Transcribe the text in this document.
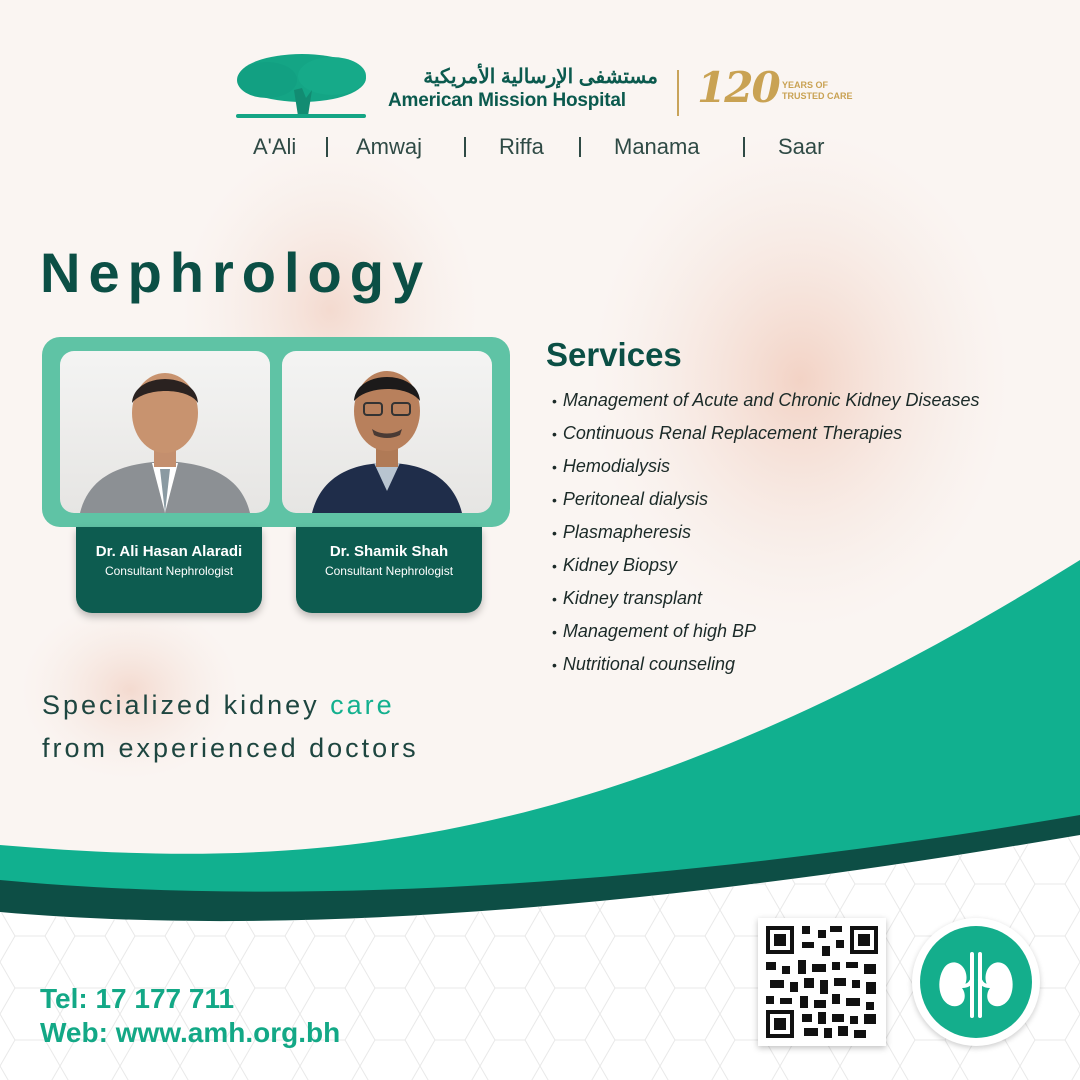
مستشفى الإرسالية الأمريكية
American Mission Hospital 120 YEARS OF TRUSTED CARE
A'Ali	Amwaj	Riffa	Manama	Saar
Nephrology
Dr. Ali Hasan Alaradi
Consultant Nephrologist
Dr. Shamik Shah
Consultant Nephrologist
Services
• Management of Acute and Chronic Kidney Diseases
• Continuous Renal Replacement Therapies
• Hemodialysis
• Peritoneal dialysis
• Plasmapheresis
• Kidney Biopsy
• Kidney transplant
• Management of high BP
• Nutritional counseling
Specialized kidney care
from experienced doctors
Tel: 17 177 711
Web: www.amh.org.bh
